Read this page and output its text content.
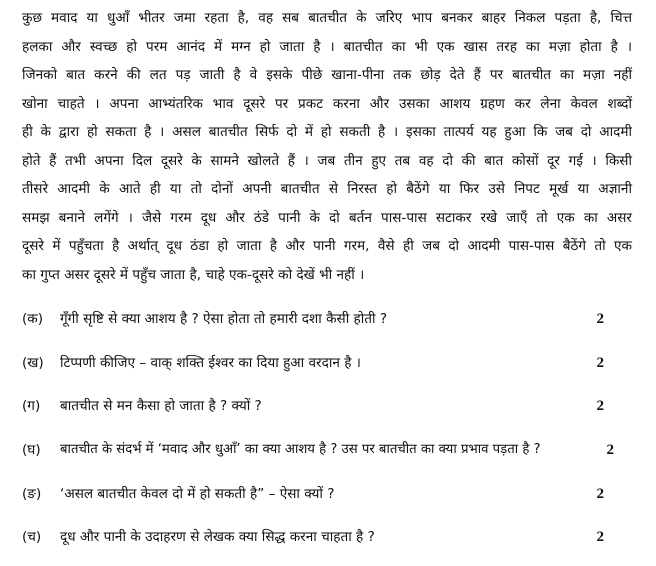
कुछ मवाद या धुआँ भीतर जमा रहता है, वह सब बातचीत के जरिए भाप बनकर बाहर निकल पड़ता है, चित्त
हलका और स्वच्छ हो परम आनंद में मग्न हो जाता है । बातचीत का भी एक खास तरह का मज़ा होता है ।
जिनको बात करने की लत पड़ जाती है वे इसके पीछे खाना-पीना तक छोड़ देते हैं पर बातचीत का मज़ा नहीं
खोना चाहते । अपना आभ्यंतरिक भाव दूसरे पर प्रकट करना और उसका आशय ग्रहण कर लेना केवल शब्दों
ही के द्वारा हो सकता है । असल बातचीत सिर्फ दो में हो सकती है । इसका तात्पर्य यह हुआ कि जब दो आदमी
होते हैं तभी अपना दिल दूसरे के सामने खोलते हैं । जब तीन हुए तब वह दो की बात कोसों दूर गई । किसी
तीसरे आदमी के आते ही या तो दोनों अपनी बातचीत से निरस्त हो बैठेंगे या फिर उसे निपट मूर्ख या अज्ञानी
समझ बनाने लगेंगे । जैसे गरम दूध और ठंडे पानी के दो बर्तन पास-पास सटाकर रखे जाएँ तो एक का असर
दूसरे में पहुँचता है अर्थात् दूध ठंडा हो जाता है और पानी गरम, वैसे ही जब दो आदमी पास-पास बैठेंगे तो एक
का गुप्त असर दूसरे में पहुँच जाता है, चाहे एक-दूसरे को देखें भी नहीं ।
(क) गूँगी सृष्टि से क्या आशय है ? ऐसा होता तो हमारी दशा कैसी होती ?	2
(ख) टिप्पणी कीजिए – वाक् शक्ति ईश्वर का दिया हुआ वरदान है ।	2
(ग) बातचीत से मन कैसा हो जाता है ? क्यों ?	2
(घ) बातचीत के संदर्भ में ‘मवाद और धुआँ’ का क्या आशय है ? उस पर बातचीत का क्या प्रभाव पड़ता है ?	2
(ङ) ‘असल बातचीत केवल दो में हो सकती है” – ऐसा क्यों ?	2
(च) दूध और पानी के उदाहरण से लेखक क्या सिद्ध करना चाहता है ?	2
